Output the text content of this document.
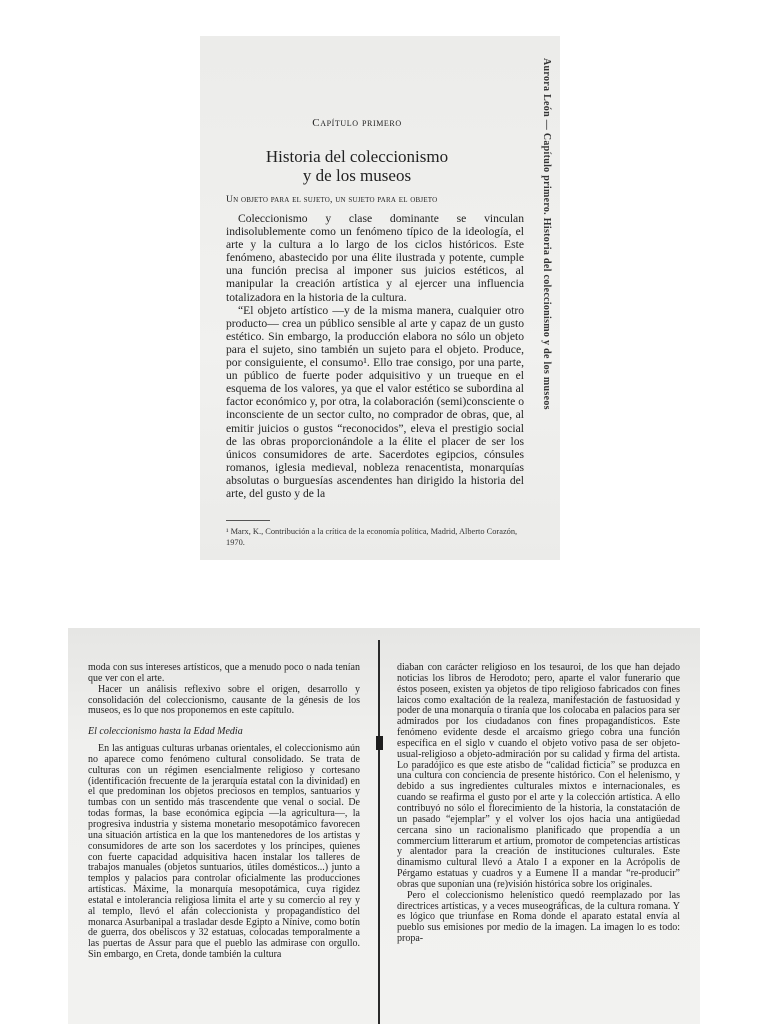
Capítulo primero
Historia del coleccionismo
y de los museos
Un objeto para el sujeto, un sujeto para el objeto

Coleccionismo y clase dominante se vinculan indisolublemente como un fenómeno típico de la ideología, el arte y la cultura a lo largo de los ciclos históricos. Este fenómeno, abastecido por una élite ilustrada y potente, cumple una función precisa al imponer sus juicios estéticos, al manipular la creación artística y al ejercer una influencia totalizadora en la historia de la cultura.

“El objeto artístico —y de la misma manera, cualquier otro producto— crea un público sensible al arte y capaz de un gusto estético. Sin embargo, la producción elabora no sólo un objeto para el sujeto, sino también un sujeto para el objeto. Produce, por consiguiente, el consumo¹. Ello trae consigo, por una parte, un público de fuerte poder adquisitivo y un trueque en el esquema de los valores, ya que el valor estético se subordina al factor económico y, por otra, la colaboración (semi)consciente o inconsciente de un sector culto, no comprador de obras, que, al emitir juicios o gustos “reconocidos”, eleva el prestigio social de las obras proporcionándole a la élite el placer de ser los únicos consumidores de arte. Sacerdotes egipcios, cónsules romanos, iglesia medieval, nobleza renacentista, monarquías absolutas o burguesías ascendentes han dirigido la historia del arte, del gusto y de la

¹ Marx, K., Contribución a la crítica de la economía política, Madrid, Alberto Corazón, 1970.
Aurora León — Capítulo primero. Historia del coleccionismo y de los museos

moda con sus intereses artísticos, que a menudo poco o nada tenían que ver con el arte.

Hacer un análisis reflexivo sobre el origen, desarrollo y consolidación del coleccionismo, causante de la génesis de los museos, es lo que nos proponemos en este capítulo.

El coleccionismo hasta la Edad Media

En las antiguas culturas urbanas orientales, el coleccionismo aún no aparece como fenómeno cultural consolidado. Se trata de culturas con un régimen esencialmente religioso y cortesano (identificación frecuente de la jerarquía estatal con la divinidad) en el que predominan los objetos preciosos en templos, santuarios y tumbas con un sentido más trascendente que venal o social. De todas formas, la base económica egipcia —la agricultura—, la progresiva industria y sistema monetario mesopotámico favorecen una situación artística en la que los mantenedores de los artistas y consumidores de arte son los sacerdotes y los príncipes, quienes con fuerte capacidad adquisitiva hacen instalar los talleres de trabajos manuales (objetos suntuarios, útiles domésticos...) junto a templos y palacios para controlar oficialmente las producciones artísticas. Máxime, la monarquía mesopotámica, cuya rigidez estatal e intolerancia religiosa limita el arte y su comercio al rey y al templo, llevó el afán coleccionista y propagandístico del monarca Asurbanipal a trasladar desde Egipto a Nínive, como botín de guerra, dos obeliscos y 32 estatuas, colocadas temporalmente a las puertas de Assur para que el pueblo las admirase con orgullo. Sin embargo, en Creta, donde también la cultura

diaban con carácter religioso en los tesauroi, de los que han dejado noticias los libros de Herodoto; pero, aparte el valor funerario que éstos poseen, existen ya objetos de tipo religioso fabricados con fines laicos como exaltación de la realeza, manifestación de fastuosidad y poder de una monarquía o tiranía que los colocaba en palacios para ser admirados por los ciudadanos con fines propagandísticos. Este fenómeno evidente desde el arcaísmo griego cobra una función específica en el siglo v cuando el objeto votivo pasa de ser objeto-usual-religioso a objeto-admiración por su calidad y firma del artista. Lo paradójico es que este atisbo de “calidad ficticia” se produzca en una cultura con conciencia de presente histórico. Con el helenismo, y debido a sus ingredientes culturales mixtos e internacionales, es cuando se reafirma el gusto por el arte y la colección artística. A ello contribuyó no sólo el florecimiento de la historia, la constatación de un pasado “ejemplar” y el volver los ojos hacia una antigüedad cercana sino un racionalismo planificado que propendía a un commercium litterarum et artium, promotor de competencias artísticas y alentador para la creación de instituciones culturales. Este dinamismo cultural llevó a Atalo I a exponer en la Acrópolis de Pérgamo estatuas y cuadros y a Eumene II a mandar “re-producir” obras que suponían una (re)visión histórica sobre los originales.

Pero el coleccionismo helenístico quedó reemplazado por las directrices artísticas, y a veces museográficas, de la cultura romana. Y es lógico que triunfase en Roma donde el aparato estatal envía al pueblo sus emisiones por medio de la imagen. La imagen lo es todo: propa-
